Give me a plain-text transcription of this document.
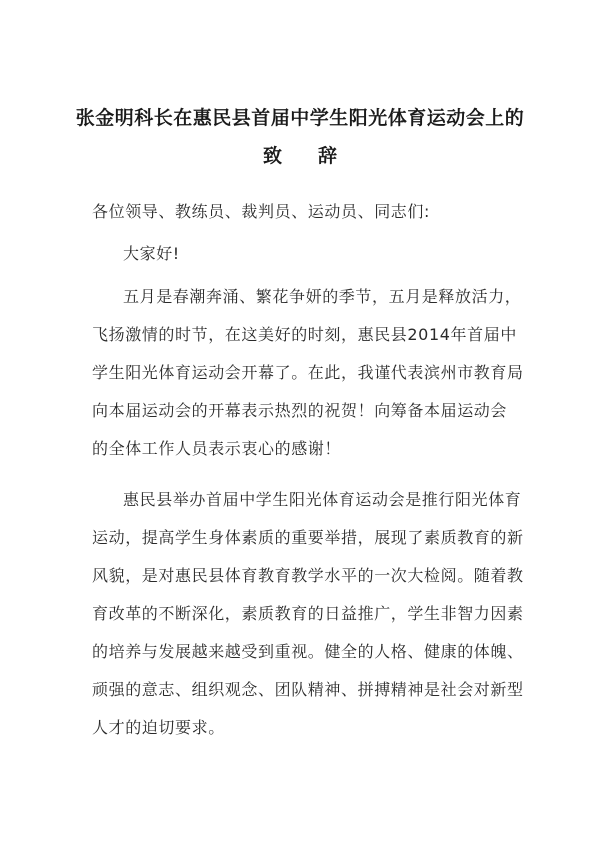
张金明科长在惠民县首届中学生阳光体育运动会上的
致辞
各位领导、教练员、裁判员、运动员、同志们:
大家好!
五月是春潮奔涌、繁花争妍的季节，五月是释放活力，
飞扬激情的时节，在这美好的时刻，惠民县2014年首届中
学生阳光体育运动会开幕了。在此，我谨代表滨州市教育局
向本届运动会的开幕表示热烈的祝贺！向筹备本届运动会
的全体工作人员表示衷心的感谢！
惠民县举办首届中学生阳光体育运动会是推行阳光体育
运动，提高学生身体素质的重要举措，展现了素质教育的新
风貌，是对惠民县体育教育教学水平的一次大检阅。随着教
育改革的不断深化，素质教育的日益推广，学生非智力因素
的培养与发展越来越受到重视。健全的人格、健康的体魄、
顽强的意志、组织观念、团队精神、拼搏精神是社会对新型
人才的迫切要求。
